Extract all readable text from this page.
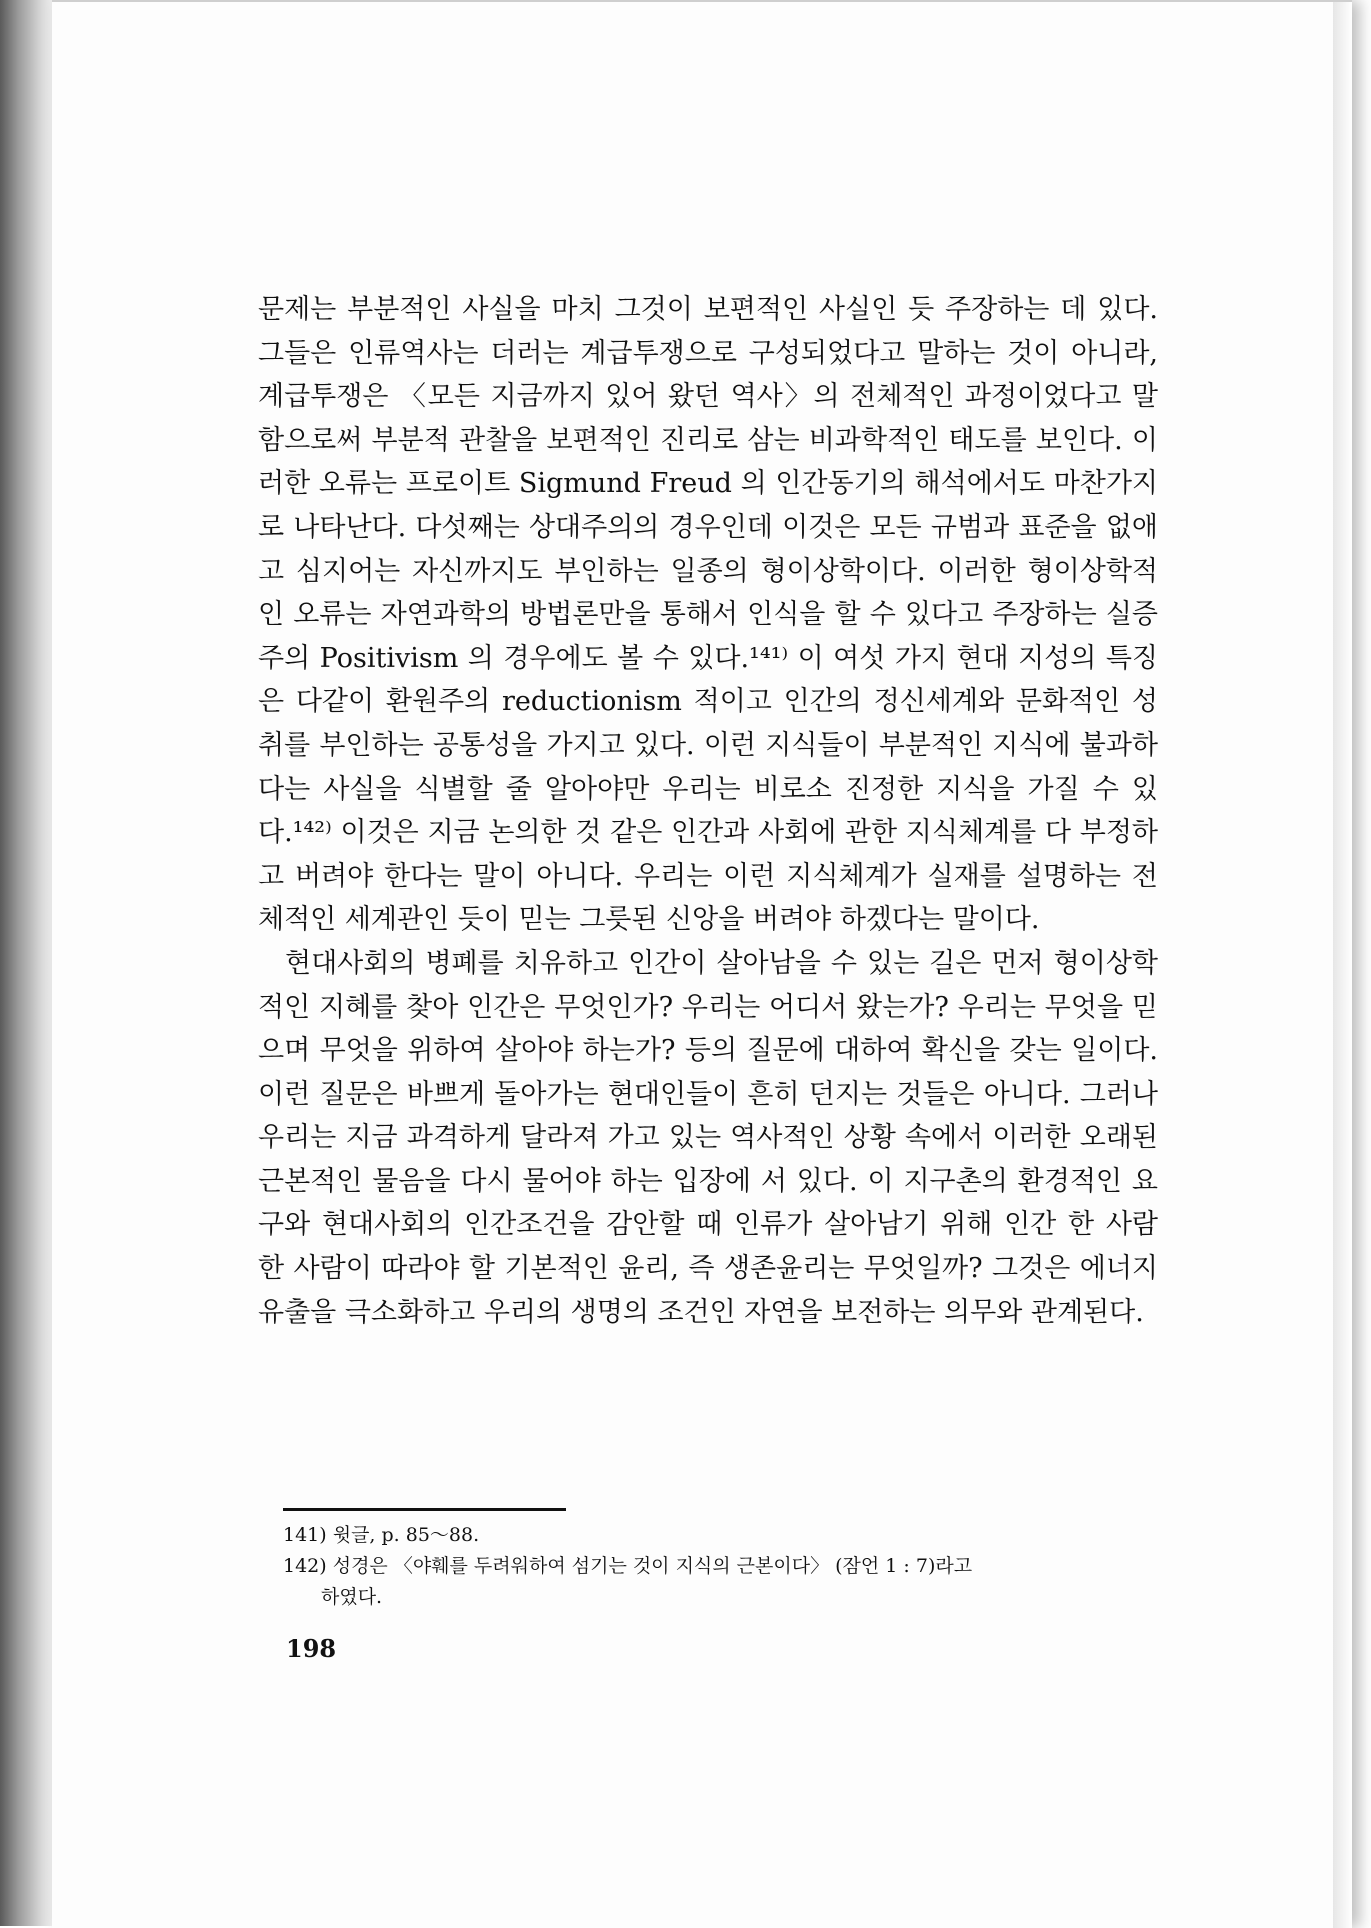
문제는 부분적인 사실을 마치 그것이 보편적인 사실인 듯 주장하는 데 있다. 그들은 인류역사는 더러는 계급투쟁으로 구성되었다고 말하는 것이 아니라, 계급투쟁은 〈모든 지금까지 있어 왔던 역사〉의 전체적인 과정이었다고 말함으로써 부분적 관찰을 보편적인 진리로 삼는 비과학적인 태도를 보인다. 이러한 오류는 프로이트 Sigmund Freud 의 인간동기의 해석에서도 마찬가지로 나타난다. 다섯째는 상대주의의 경우인데 이것은 모든 규범과 표준을 없애고 심지어는 자신까지도 부인하는 일종의 형이상학이다. 이러한 형이상학적인 오류는 자연과학의 방법론만을 통해서 인식을 할 수 있다고 주장하는 실증주의 Positivism 의 경우에도 볼 수 있다.¹⁴¹⁾ 이 여섯 가지 현대 지성의 특징은 다같이 환원주의 reductionism 적이고 인간의 정신세계와 문화적인 성취를 부인하는 공통성을 가지고 있다. 이런 지식들이 부분적인 지식에 불과하다는 사실을 식별할 줄 알아야만 우리는 비로소 진정한 지식을 가질 수 있다.¹⁴²⁾ 이것은 지금 논의한 것 같은 인간과 사회에 관한 지식체계를 다 부정하고 버려야 한다는 말이 아니다. 우리는 이런 지식체계가 실재를 설명하는 전체적인 세계관인 듯이 믿는 그릇된 신앙을 버려야 하겠다는 말이다.

현대사회의 병폐를 치유하고 인간이 살아남을 수 있는 길은 먼저 형이상학적인 지혜를 찾아 인간은 무엇인가? 우리는 어디서 왔는가? 우리는 무엇을 믿으며 무엇을 위하여 살아야 하는가? 등의 질문에 대하여 확신을 갖는 일이다. 이런 질문은 바쁘게 돌아가는 현대인들이 흔히 던지는 것들은 아니다. 그러나 우리는 지금 과격하게 달라져 가고 있는 역사적인 상황 속에서 이러한 오래된 근본적인 물음을 다시 물어야 하는 입장에 서 있다. 이 지구촌의 환경적인 요구와 현대사회의 인간조건을 감안할 때 인류가 살아남기 위해 인간 한 사람 한 사람이 따라야 할 기본적인 윤리, 즉 생존윤리는 무엇일까? 그것은 에너지 유출을 극소화하고 우리의 생명의 조건인 자연을 보전하는 의무와 관계된다.

141) 윗글, p. 85～88.

142) 성경은 〈야훼를 두려워하여 섬기는 것이 지식의 근본이다〉 (잠언 1 : 7)라고
하였다.

198
